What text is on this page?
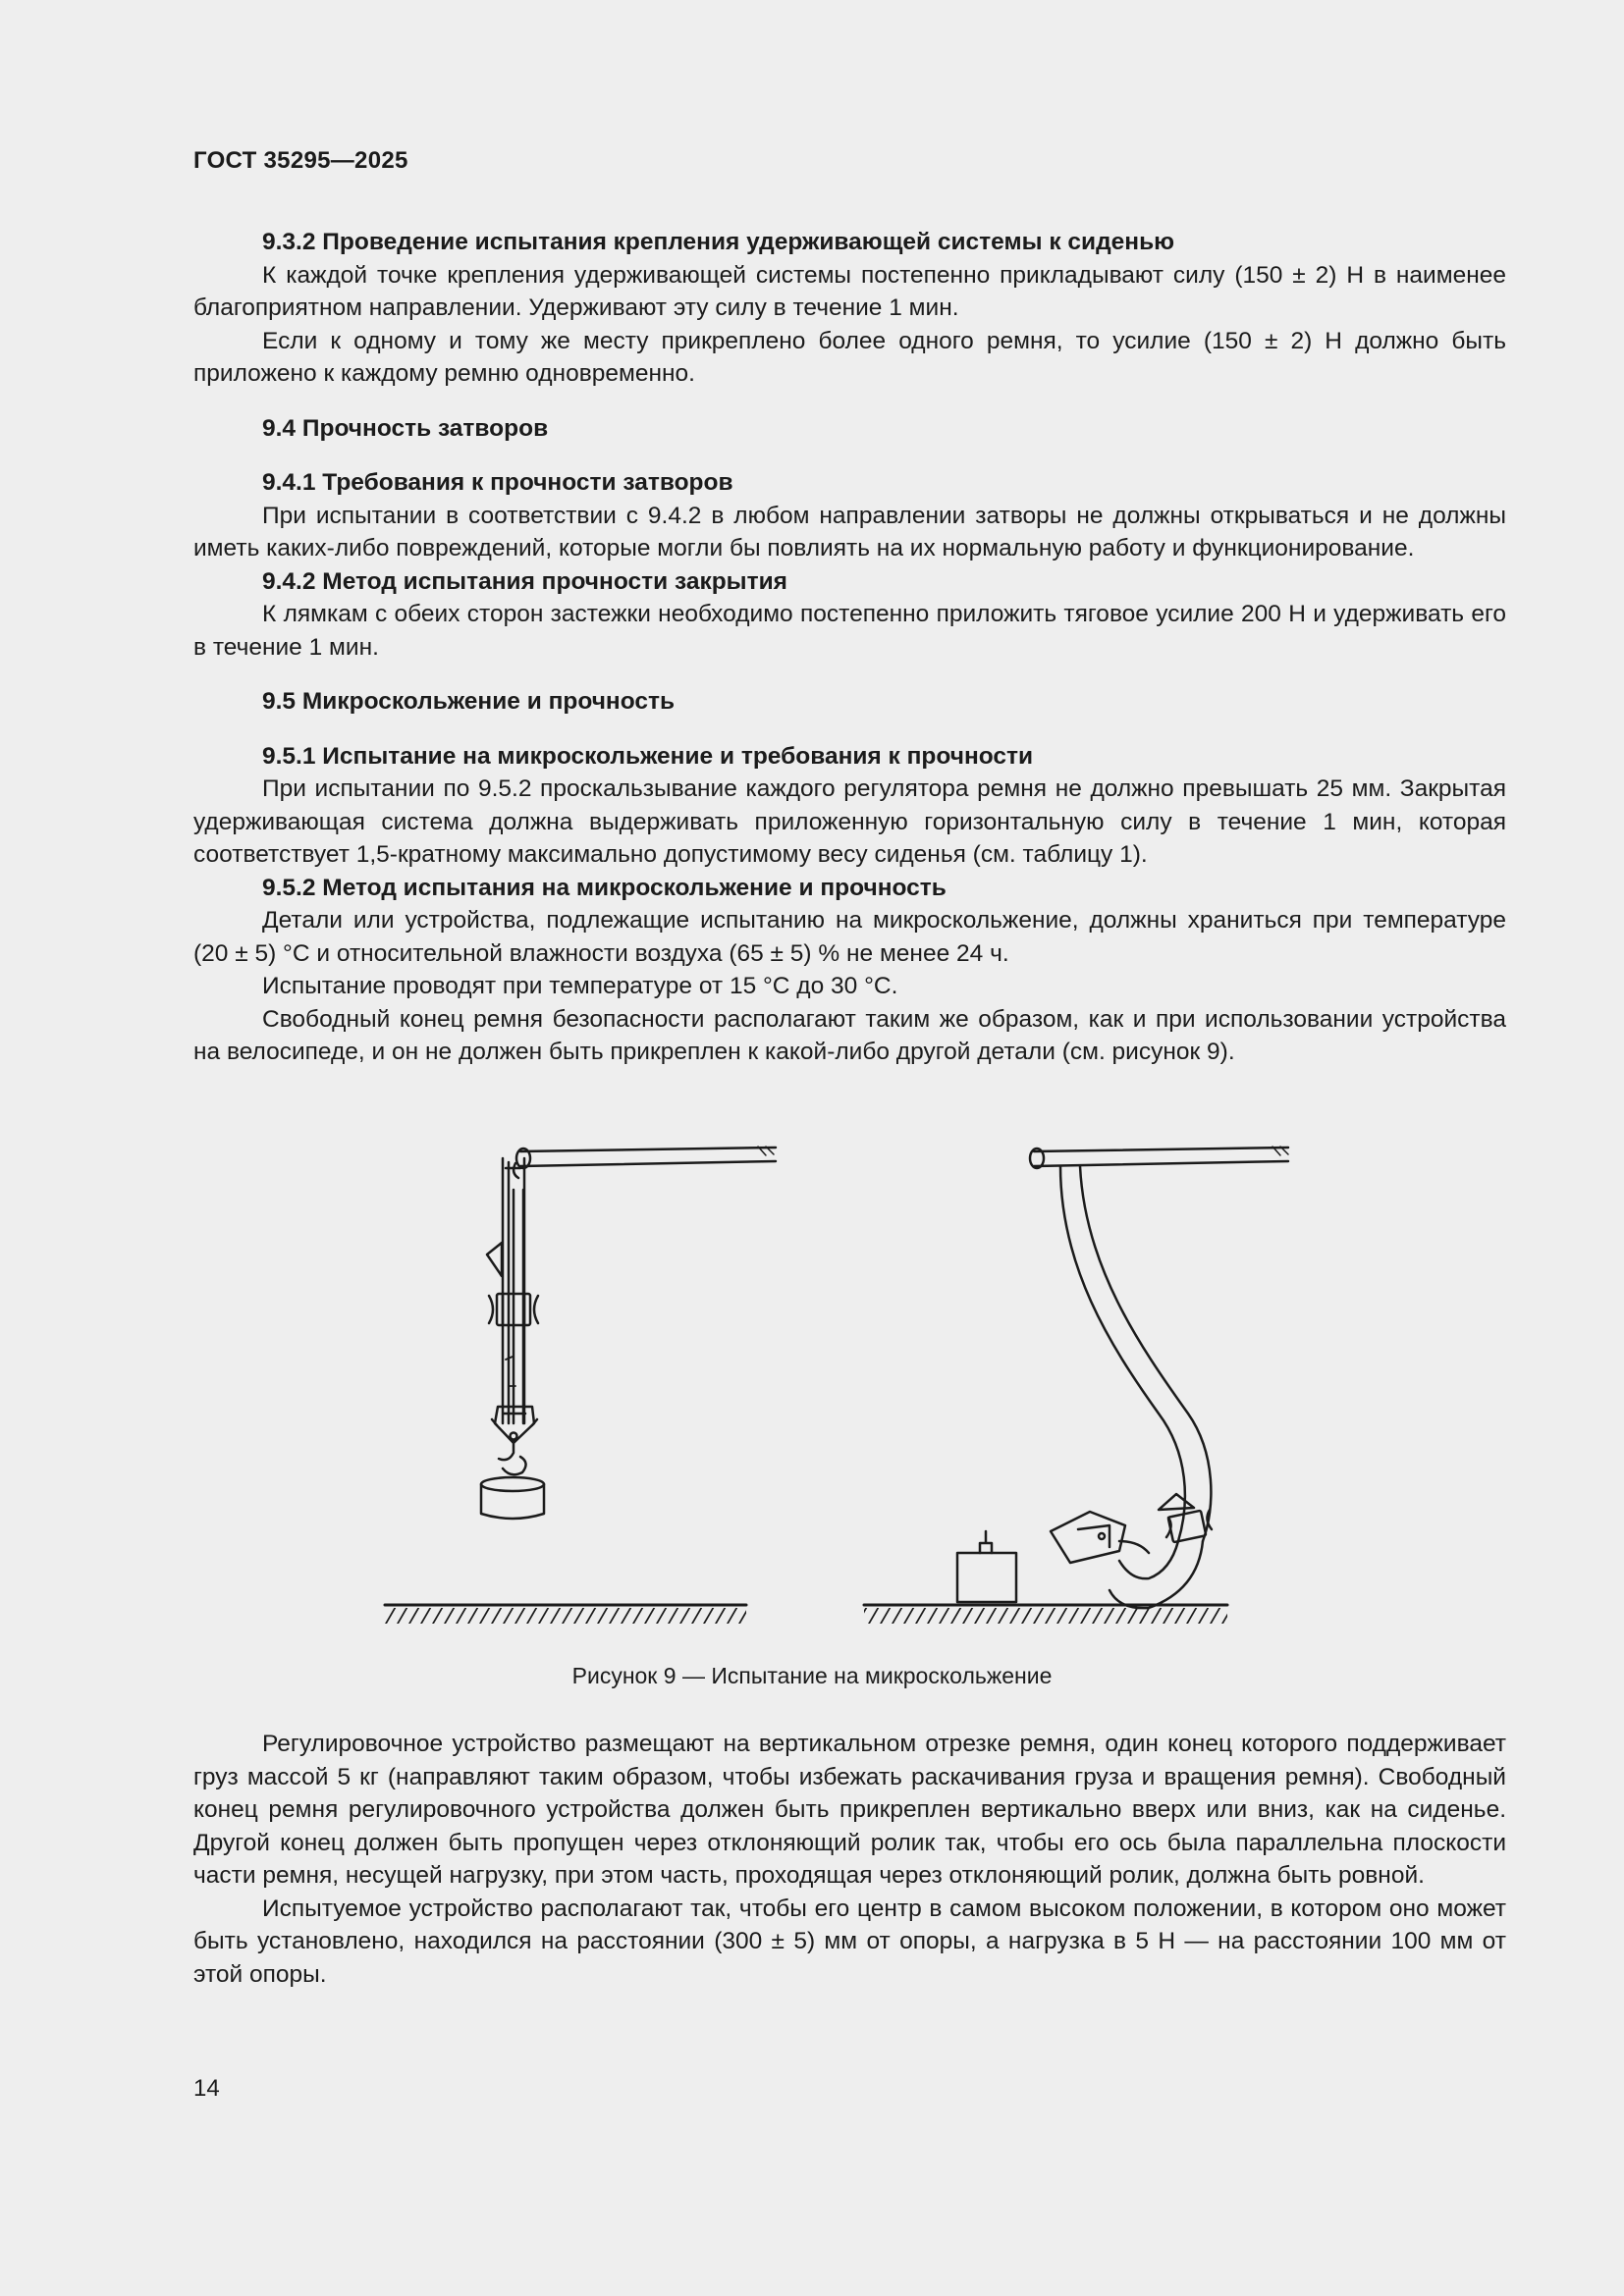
ГОСТ 35295—2025

9.3.2 Проведение испытания крепления удерживающей системы к сиденью

К каждой точке крепления удерживающей системы постепенно прикладывают силу (150 ± 2) Н в наименее благоприятном направлении. Удерживают эту силу в течение 1 мин.

Если к одному и тому же месту прикреплено более одного ремня, то усилие (150 ± 2) Н должно быть приложено к каждому ремню одновременно.

9.4 Прочность затворов

9.4.1 Требования к прочности затворов

При испытании в соответствии с 9.4.2 в любом направлении затворы не должны открываться и не должны иметь каких-либо повреждений, которые могли бы повлиять на их нормальную работу и функционирование.

9.4.2 Метод испытания прочности закрытия

К лямкам с обеих сторон застежки необходимо постепенно приложить тяговое усилие 200 Н и удерживать его в течение 1 мин.

9.5 Микроскольжение и прочность

9.5.1 Испытание на микроскольжение и требования к прочности

При испытании по 9.5.2 проскальзывание каждого регулятора ремня не должно превышать 25 мм. Закрытая удерживающая система должна выдерживать приложенную горизонтальную силу в течение 1 мин, которая соответствует 1,5-кратному максимально допустимому весу сиденья (см. таблицу 1).

9.5.2 Метод испытания на микроскольжение и прочность

Детали или устройства, подлежащие испытанию на микроскольжение, должны храниться при температуре (20 ± 5) °С и относительной влажности воздуха (65 ± 5) % не менее 24 ч.

Испытание проводят при температуре от 15 °С до 30 °С.

Свободный конец ремня безопасности располагают таким же образом, как и при использовании устройства на велосипеде, и он не должен быть прикреплен к какой-либо другой детали (см. рисунок 9).

Рисунок 9 — Испытание на микроскольжение

Регулировочное устройство размещают на вертикальном отрезке ремня, один конец которого поддерживает груз массой 5 кг (направляют таким образом, чтобы избежать раскачивания груза и вращения ремня). Свободный конец ремня регулировочного устройства должен быть прикреплен вертикально вверх или вниз, как на сиденье. Другой конец должен быть пропущен через отклоняющий ролик так, чтобы его ось была параллельна плоскости части ремня, несущей нагрузку, при этом часть, проходящая через отклоняющий ролик, должна быть ровной.

Испытуемое устройство располагают так, чтобы его центр в самом высоком положении, в котором оно может быть установлено, находился на расстоянии (300 ± 5) мм от опоры, а нагрузка в 5 Н — на расстоянии 100 мм от этой опоры.

14
